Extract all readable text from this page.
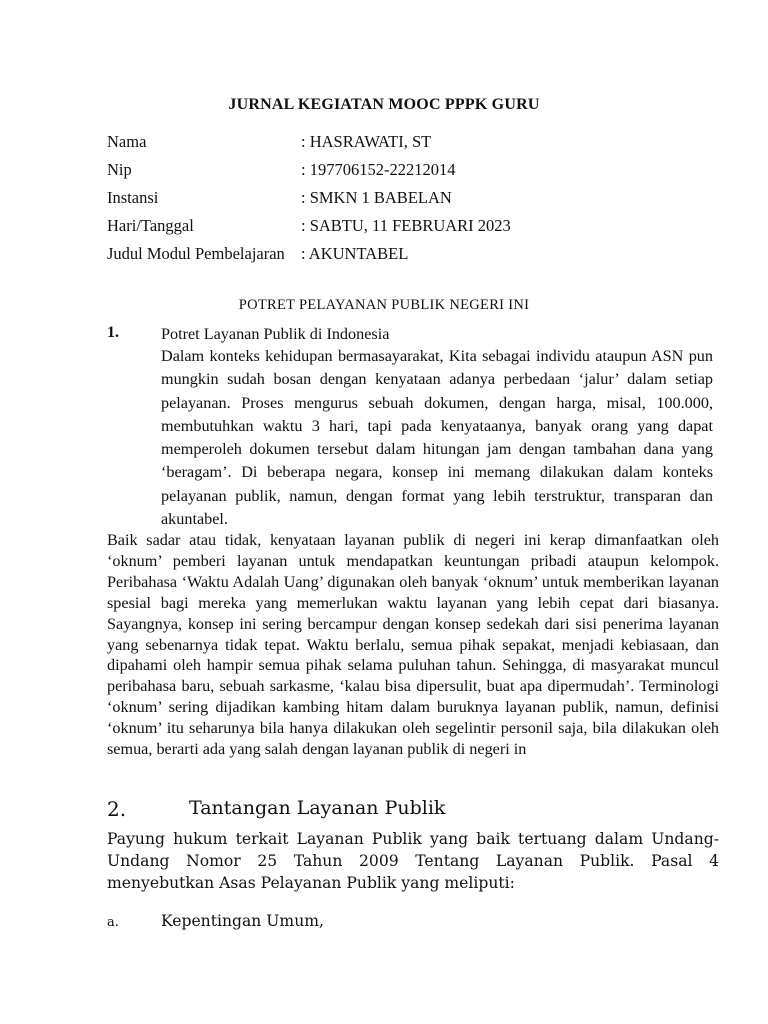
JURNAL KEGIATAN MOOC PPPK GURU
Nama	: HASRAWATI, ST
Nip	: 197706152-22212014
Instansi	: SMKN 1 BABELAN
Hari/Tanggal	: SABTU, 11 FEBRUARI 2023
Judul Modul Pembelajaran : AKUNTABEL
POTRET PELAYANAN PUBLIK NEGERI INI
1.	Potret Layanan Publik di Indonesia
Dalam konteks kehidupan bermasayarakat, Kita sebagai individu ataupun ASN pun mungkin sudah bosan dengan kenyataan adanya perbedaan ‘jalur’ dalam setiap pelayanan. Proses mengurus sebuah dokumen, dengan harga, misal, 100.000, membutuhkan waktu 3 hari, tapi pada kenyataanya, banyak orang yang dapat memperoleh dokumen tersebut dalam hitungan jam dengan tambahan dana yang ‘beragam’. Di beberapa negara, konsep ini memang dilakukan dalam konteks pelayanan publik, namun, dengan format yang lebih terstruktur, transparan dan akuntabel.
Baik sadar atau tidak, kenyataan layanan publik di negeri ini kerap dimanfaatkan oleh ‘oknum’ pemberi layanan untuk mendapatkan keuntungan pribadi ataupun kelompok. Peribahasa ‘Waktu Adalah Uang’ digunakan oleh banyak ‘oknum’ untuk memberikan layanan spesial bagi mereka yang memerlukan waktu layanan yang lebih cepat dari biasanya. Sayangnya, konsep ini sering bercampur dengan konsep sedekah dari sisi penerima layanan yang sebenarnya tidak tepat. Waktu berlalu, semua pihak sepakat, menjadi kebiasaan, dan dipahami oleh hampir semua pihak selama puluhan tahun. Sehingga, di masyarakat muncul peribahasa baru, sebuah sarkasme, ‘kalau bisa dipersulit, buat apa dipermudah’. Terminologi ‘oknum’ sering dijadikan kambing hitam dalam buruknya layanan publik, namun, definisi ‘oknum’ itu seharunya bila hanya dilakukan oleh segelintir personil saja, bila dilakukan oleh semua, berarti ada yang salah dengan layanan publik di negeri in
2.	Tantangan Layanan Publik
Payung hukum terkait Layanan Publik yang baik tertuang dalam Undang-Undang Nomor 25 Tahun 2009 Tentang Layanan Publik. Pasal 4 menyebutkan Asas Pelayanan Publik yang meliputi:
a.	Kepentingan Umum,
